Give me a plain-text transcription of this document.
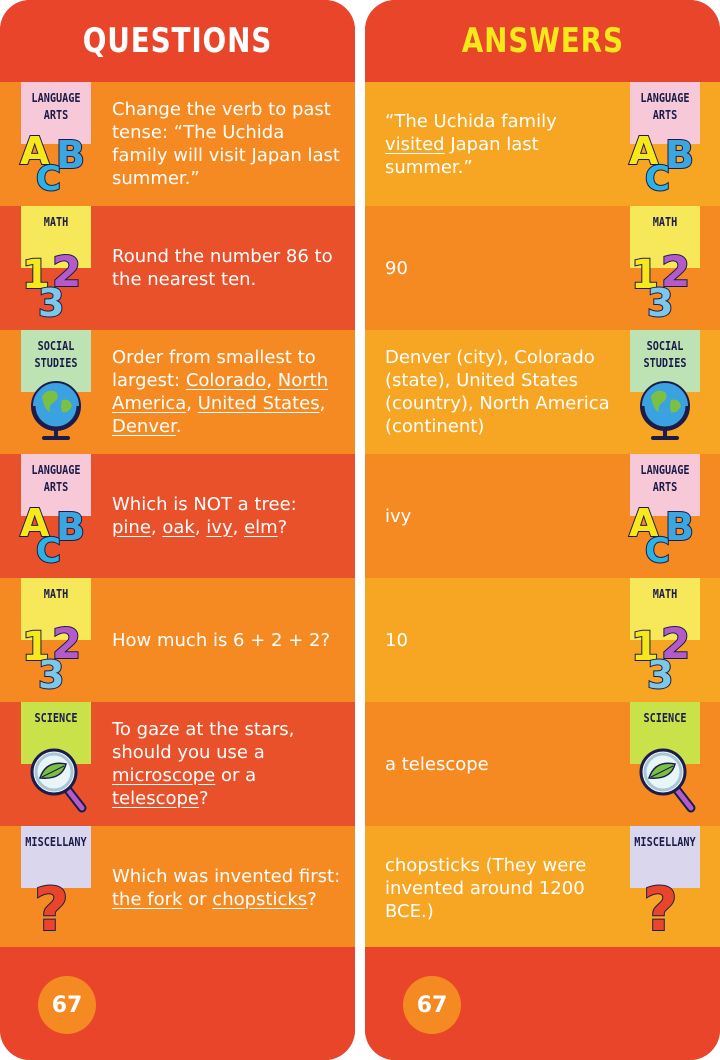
QUESTIONS
LANGUAGE
ARTS
A B
C
Change the verb to past tense: “The Uchida family will visit Japan last summer.”
MATH
1 2
3
Round the number 86 to the nearest ten.
SOCIAL
STUDIES Order from smallest to largest: Colorado, North America, United States, Denver.
LANGUAGE
ARTS
A B
C
Which is NOT a tree: pine, oak, ivy, elm?
MATH
1 2
3
How much is 6 + 2 + 2?
SCIENCE
To gaze at the stars, should you use a microscope or a telescope?
MISCELLANY
? Which was invented first: the fork or chopsticks?
67
ANSWERS
“The Uchida family visited Japan last summer.”
LANGUAGE
ARTS
A B
C
90
MATH
1 2
3
Denver (city), Colorado (state), United States (country), North America (continent)
SOCIAL
STUDIES
ivy
LANGUAGE
ARTS
A B
C
10
MATH
1 2
3
a telescope
SCIENCE
chopsticks (They were invented around 1200 BCE.)
MISCELLANY
?
67
